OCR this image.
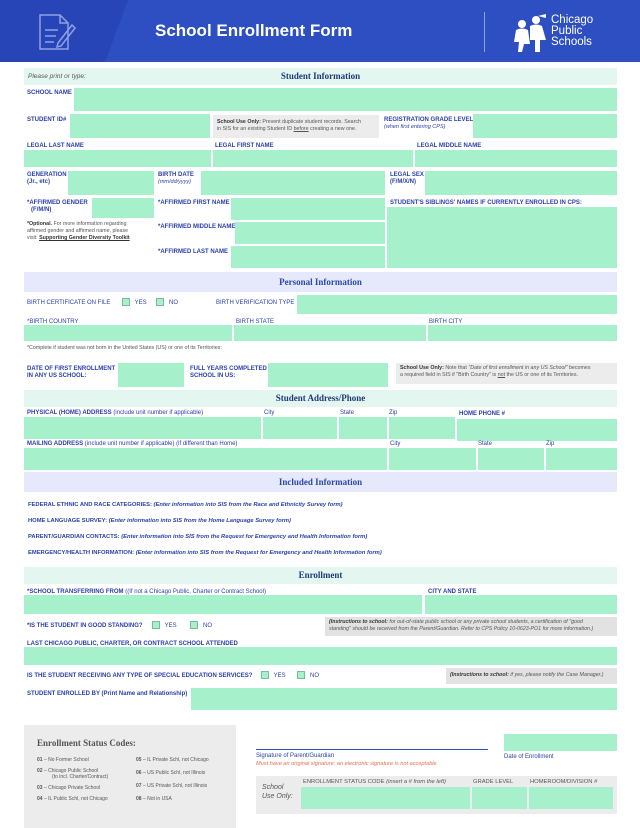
School Enrollment Form
Chicago
Public
Schools
Student Information
Please print or type:
SCHOOL NAME
STUDENT ID#	School Use Only: Prevent duplicate student records. Search
in SIS for an existing Student ID before creating a new one.
REGISTRATION GRADE LEVEL
(when first entering CPS)
LEGAL LAST NAME	LEGAL FIRST NAME	LEGAL MIDDLE NAME
GENERATION
(Jr., etc)
BIRTH DATE
(mm/dd/yyyy)
LEGAL SEX
(F/M/X/N)
*AFFIRMED GENDER
(F/M/N)
*Optional. For more information regarding
affirmed gender and affirmed name, please
visit: Supporting Gender Diversity Toolkit
*AFFIRMED FIRST NAME
*AFFIRMED MIDDLE NAME
*AFFIRMED LAST NAME
STUDENT'S SIBLINGS' NAMES IF CURRENTLY ENROLLED IN CPS:
Personal Information
BIRTH CERTIFICATE ON FILE	YES	NO	BIRTH VERIFICATION TYPE
*BIRTH COUNTRY	BIRTH STATE	BIRTH CITY
*Complete if student was not born in the United States (US) or one of its Territories:
DATE OF FIRST ENROLLMENT
IN ANY US SCHOOL:
FULL YEARS COMPLETED
SCHOOL IN US:
School Use Only: Note that "Date of first enrollment in any US School" becomes
a required field in SIS if "Birth Country" is not the US or one of its Territories.
Student Address/Phone
PHYSICAL (HOME) ADDRESS (include unit number if applicable)	City	State	Zip	HOME PHONE #
MAILING ADDRESS (include unit number if applicable) (if different than Home)	City	State	Zip
Included Information
FEDERAL ETHNIC AND RACE CATEGORIES: (Enter information into SIS from the Race and Ethnicity Survey form)
HOME LANGUAGE SURVEY: (Enter information into SIS from the Home Language Survey form)
PARENT/GUARDIAN CONTACTS: (Enter information into SIS from the Request for Emergency and Health Information form)
EMERGENCY/HEALTH INFORMATION: (Enter information into SIS from the Request for Emergency and Health Information form)
Enrollment
*SCHOOL TRANSFERRING FROM ((If not a Chicago Public, Charter or Contract School)	CITY AND STATE
*IS THE STUDENT IN GOOD STANDING?	YES	NO
(Instructions to school: for out-of-state public school or any private school students, a certification of "good
standing" should be received from the Parent/Guardian. Refer to CPS Policy 10-0623-PO1 for more information.)
LAST CHICAGO PUBLIC, CHARTER, OR CONTRACT SCHOOL ATTENDED
IS THE STUDENT RECEIVING ANY TYPE OF SPECIAL EDUCATION SERVICES?	YES	NO	(Instructions to school: if yes, please notify the Case Manager.)
STUDENT ENROLLED BY (Print Name and Relationship)
Enrollment Status Codes:
01 – No Former School
02 – Chicago Public School
(to incl. Charter/Contract)
03 – Chicago Private School
04 – IL Public Schl, not Chicago
05 – IL Private Schl, not Chicago
06 – US Public Schl, not Illinois
07 – US Private Schl, not Illinois
08 – Not in USA
Signature of Parent/Guardian
Must have an original signature; an electronic signature is not acceptable
Date of Enrollment
School
Use Only:
ENROLLMENT STATUS CODE (insert a # from the left)	GRADE LEVEL	HOMEROOM/DIVISION #
